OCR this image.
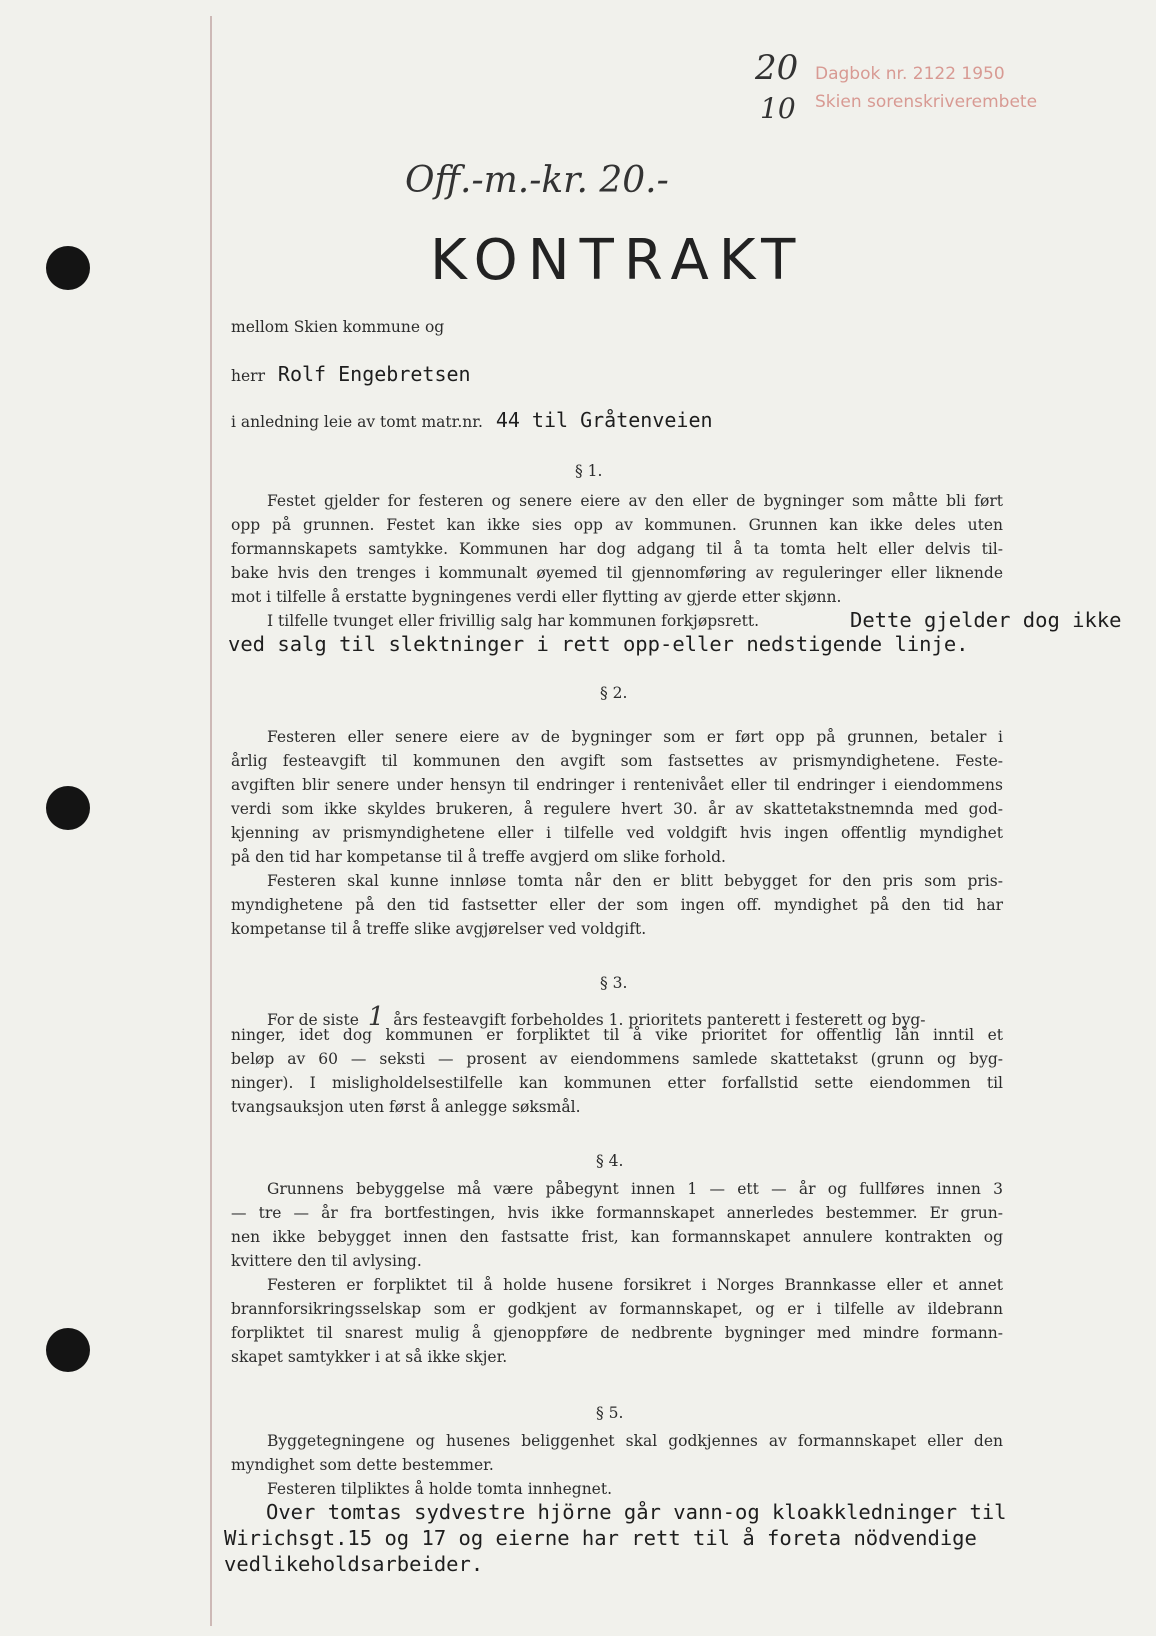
Dagbok nr. 2122 1950
Skien sorenskriverembete
20
10
Off.-m.-kr. 20.-
KONTRAKT
mellom Skien kommune og
herr Rolf Engebretsen
i anledning leie av tomt matr.nr. 44 til Gråtenveien
§ 1.
Festet gjelder for festeren og senere eiere av den eller de bygninger som måtte bli ført
opp på grunnen. Festet kan ikke sies opp av kommunen. Grunnen kan ikke deles uten
formannskapets samtykke. Kommunen har dog adgang til å ta tomta helt eller delvis til-
bake hvis den trenges i kommunalt øyemed til gjennomføring av reguleringer eller liknende
mot i tilfelle å erstatte bygningenes verdi eller flytting av gjerde etter skjønn.
I tilfelle tvunget eller frivillig salg har kommunen forkjøpsrett.	Dette gjelder dog ikke
ved salg til slektninger i rett opp-eller nedstigende linje.
§ 2.
Festeren eller senere eiere av de bygninger som er ført opp på grunnen, betaler i
årlig festeavgift til kommunen den avgift som fastsettes av prismyndighetene. Feste-
avgiften blir senere under hensyn til endringer i rentenivået eller til endringer i eiendommens
verdi som ikke skyldes brukeren, å regulere hvert 30. år av skattetakstnemnda med god-
kjenning av prismyndighetene eller i tilfelle ved voldgift hvis ingen offentlig myndighet
på den tid har kompetanse til å treffe avgjerd om slike forhold.
Festeren skal kunne innløse tomta når den er blitt bebygget for den pris som pris-
myndighetene på den tid fastsetter eller der som ingen off. myndighet på den tid har
kompetanse til å treffe slike avgjørelser ved voldgift.
§ 3.
For de siste 1 års festeavgift forbeholdes 1. prioritets panterett i festerett og byg-
ninger, idet dog kommunen er forpliktet til å vike prioritet for offentlig lån inntil et
beløp av 60 — seksti — prosent av eiendommens samlede skattetakst (grunn og byg-
ninger). I misligholdelsestilfelle kan kommunen etter forfallstid sette eiendommen til
tvangsauksjon uten først å anlegge søksmål.
§ 4.
Grunnens bebyggelse må være påbegynt innen 1 — ett — år og fullføres innen 3
— tre — år fra bortfestingen, hvis ikke formannskapet annerledes bestemmer. Er grun-
nen ikke bebygget innen den fastsatte frist, kan formannskapet annulere kontrakten og
kvittere den til avlysing.
Festeren er forpliktet til å holde husene forsikret i Norges Brannkasse eller et annet
brannforsikringsselskap som er godkjent av formannskapet, og er i tilfelle av ildebrann
forpliktet til snarest mulig å gjenoppføre de nedbrente bygninger med mindre formann-
skapet samtykker i at så ikke skjer.
§ 5.
Byggetegningene og husenes beliggenhet skal godkjennes av formannskapet eller den
myndighet som dette bestemmer.
Festeren tilpliktes å holde tomta innhegnet.
Over tomtas sydvestre hjörne går vann-og kloakkledninger til
Wirichsgt.15 og 17 og eierne har rett til å foreta nödvendige
vedlikeholdsarbeider.
